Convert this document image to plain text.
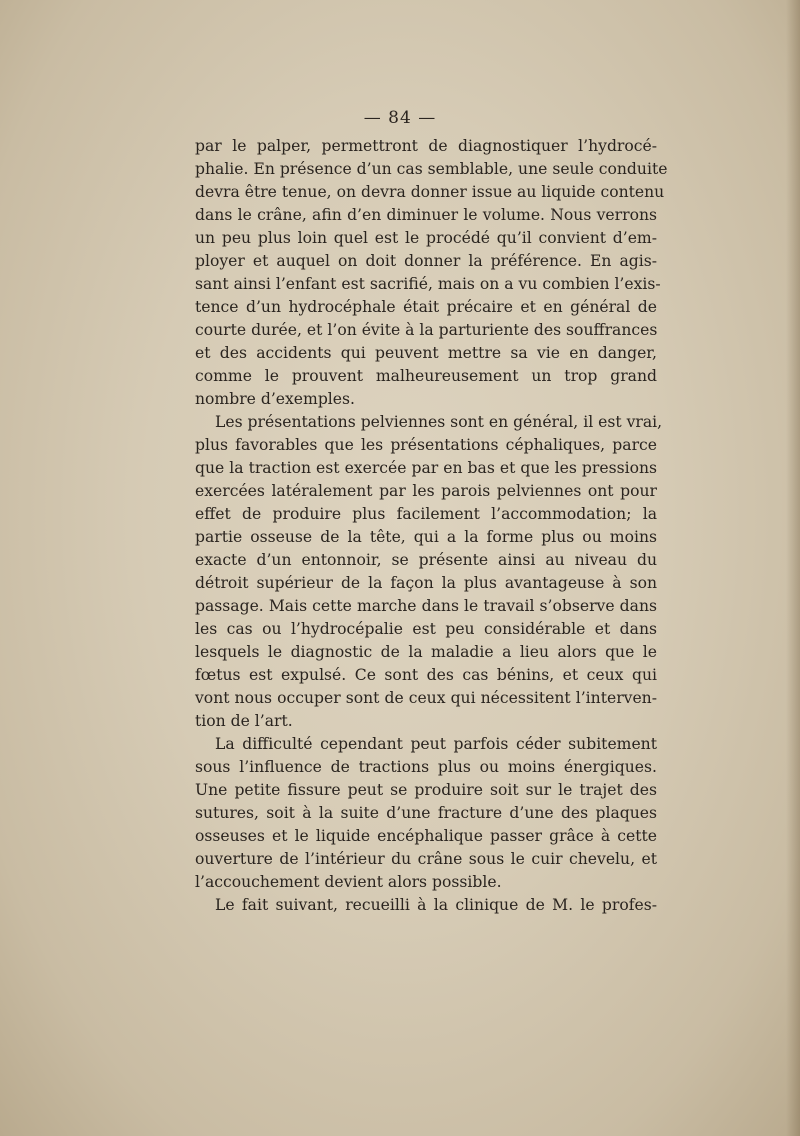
— 84 —
par le palper, permettront de diagnostiquer l’hydrocé-
phalie. En présence d’un cas semblable, une seule conduite
devra être tenue, on devra donner issue au liquide contenu
dans le crâne, afin d’en diminuer le volume. Nous verrons
un peu plus loin quel est le procédé qu’il convient d’em-
ployer et auquel on doit donner la préférence. En agis-
sant ainsi l’enfant est sacrifié, mais on a vu combien l’exis-
tence d’un hydrocéphale était précaire et en général de
courte durée, et l’on évite à la parturiente des souffrances
et des accidents qui peuvent mettre sa vie en danger,
comme le prouvent malheureusement un trop grand
nombre d’exemples.
Les présentations pelviennes sont en général, il est vrai,
plus favorables que les présentations céphaliques, parce
que la traction est exercée par en bas et que les pressions
exercées latéralement par les parois pelviennes ont pour
effet de produire plus facilement l’accommodation; la
partie osseuse de la tête, qui a la forme plus ou moins
exacte d’un entonnoir, se présente ainsi au niveau du
détroit supérieur de la façon la plus avantageuse à son
passage. Mais cette marche dans le travail s’observe dans
les cas ou l’hydrocépalie est peu considérable et dans
lesquels le diagnostic de la maladie a lieu alors que le
fœtus est expulsé. Ce sont des cas bénins, et ceux qui
vont nous occuper sont de ceux qui nécessitent l’interven-
tion de l’art.
La difficulté cependant peut parfois céder subitement
sous l’influence de tractions plus ou moins énergiques.
Une petite fissure peut se produire soit sur le trajet des
sutures, soit à la suite d’une fracture d’une des plaques
osseuses et le liquide encéphalique passer grâce à cette
ouverture de l’intérieur du crâne sous le cuir chevelu, et
l’accouchement devient alors possible.
Le fait suivant, recueilli à la clinique de M. le profes-
